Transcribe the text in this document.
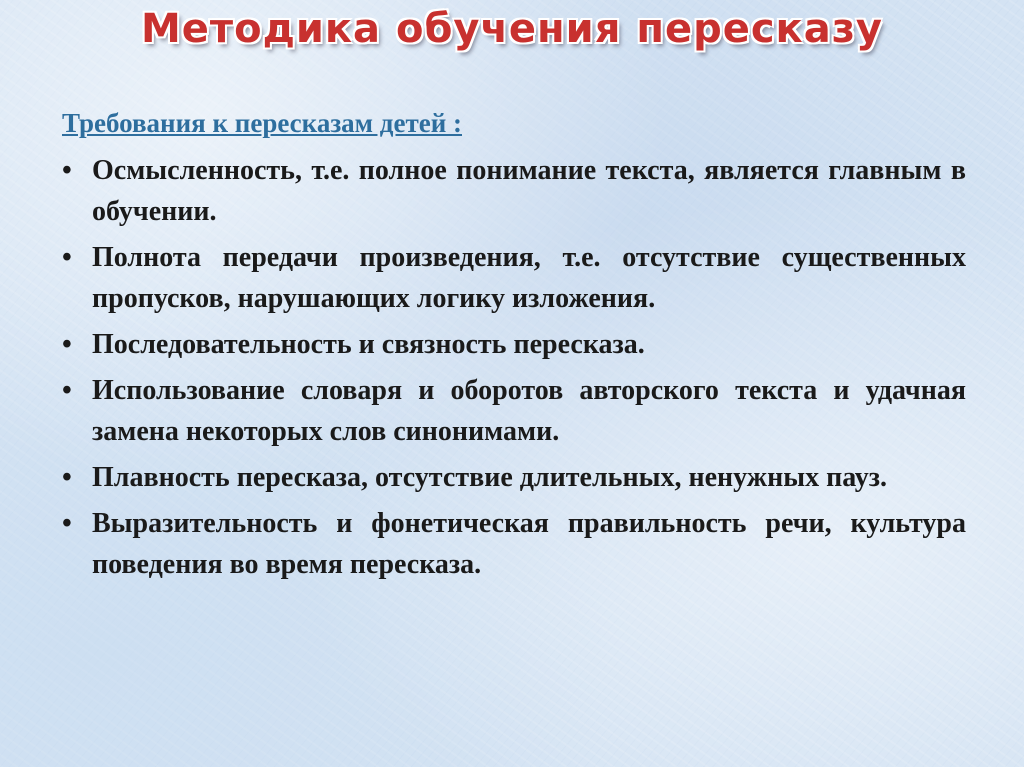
Методика обучения пересказу

Требования к пересказам детей :

• Осмысленность, т.е. полное понимание текста, является главным в обучении.
• Полнота передачи произведения, т.е. отсутствие существенных пропусков, нарушающих логику изложения.
• Последовательность и связность пересказа.
• Использование словаря и оборотов авторского текста и удачная замена некоторых слов синонимами.
• Плавность пересказа, отсутствие длительных, ненужных пауз.
• Выразительность и фонетическая правильность речи, культура поведения во время пересказа.
